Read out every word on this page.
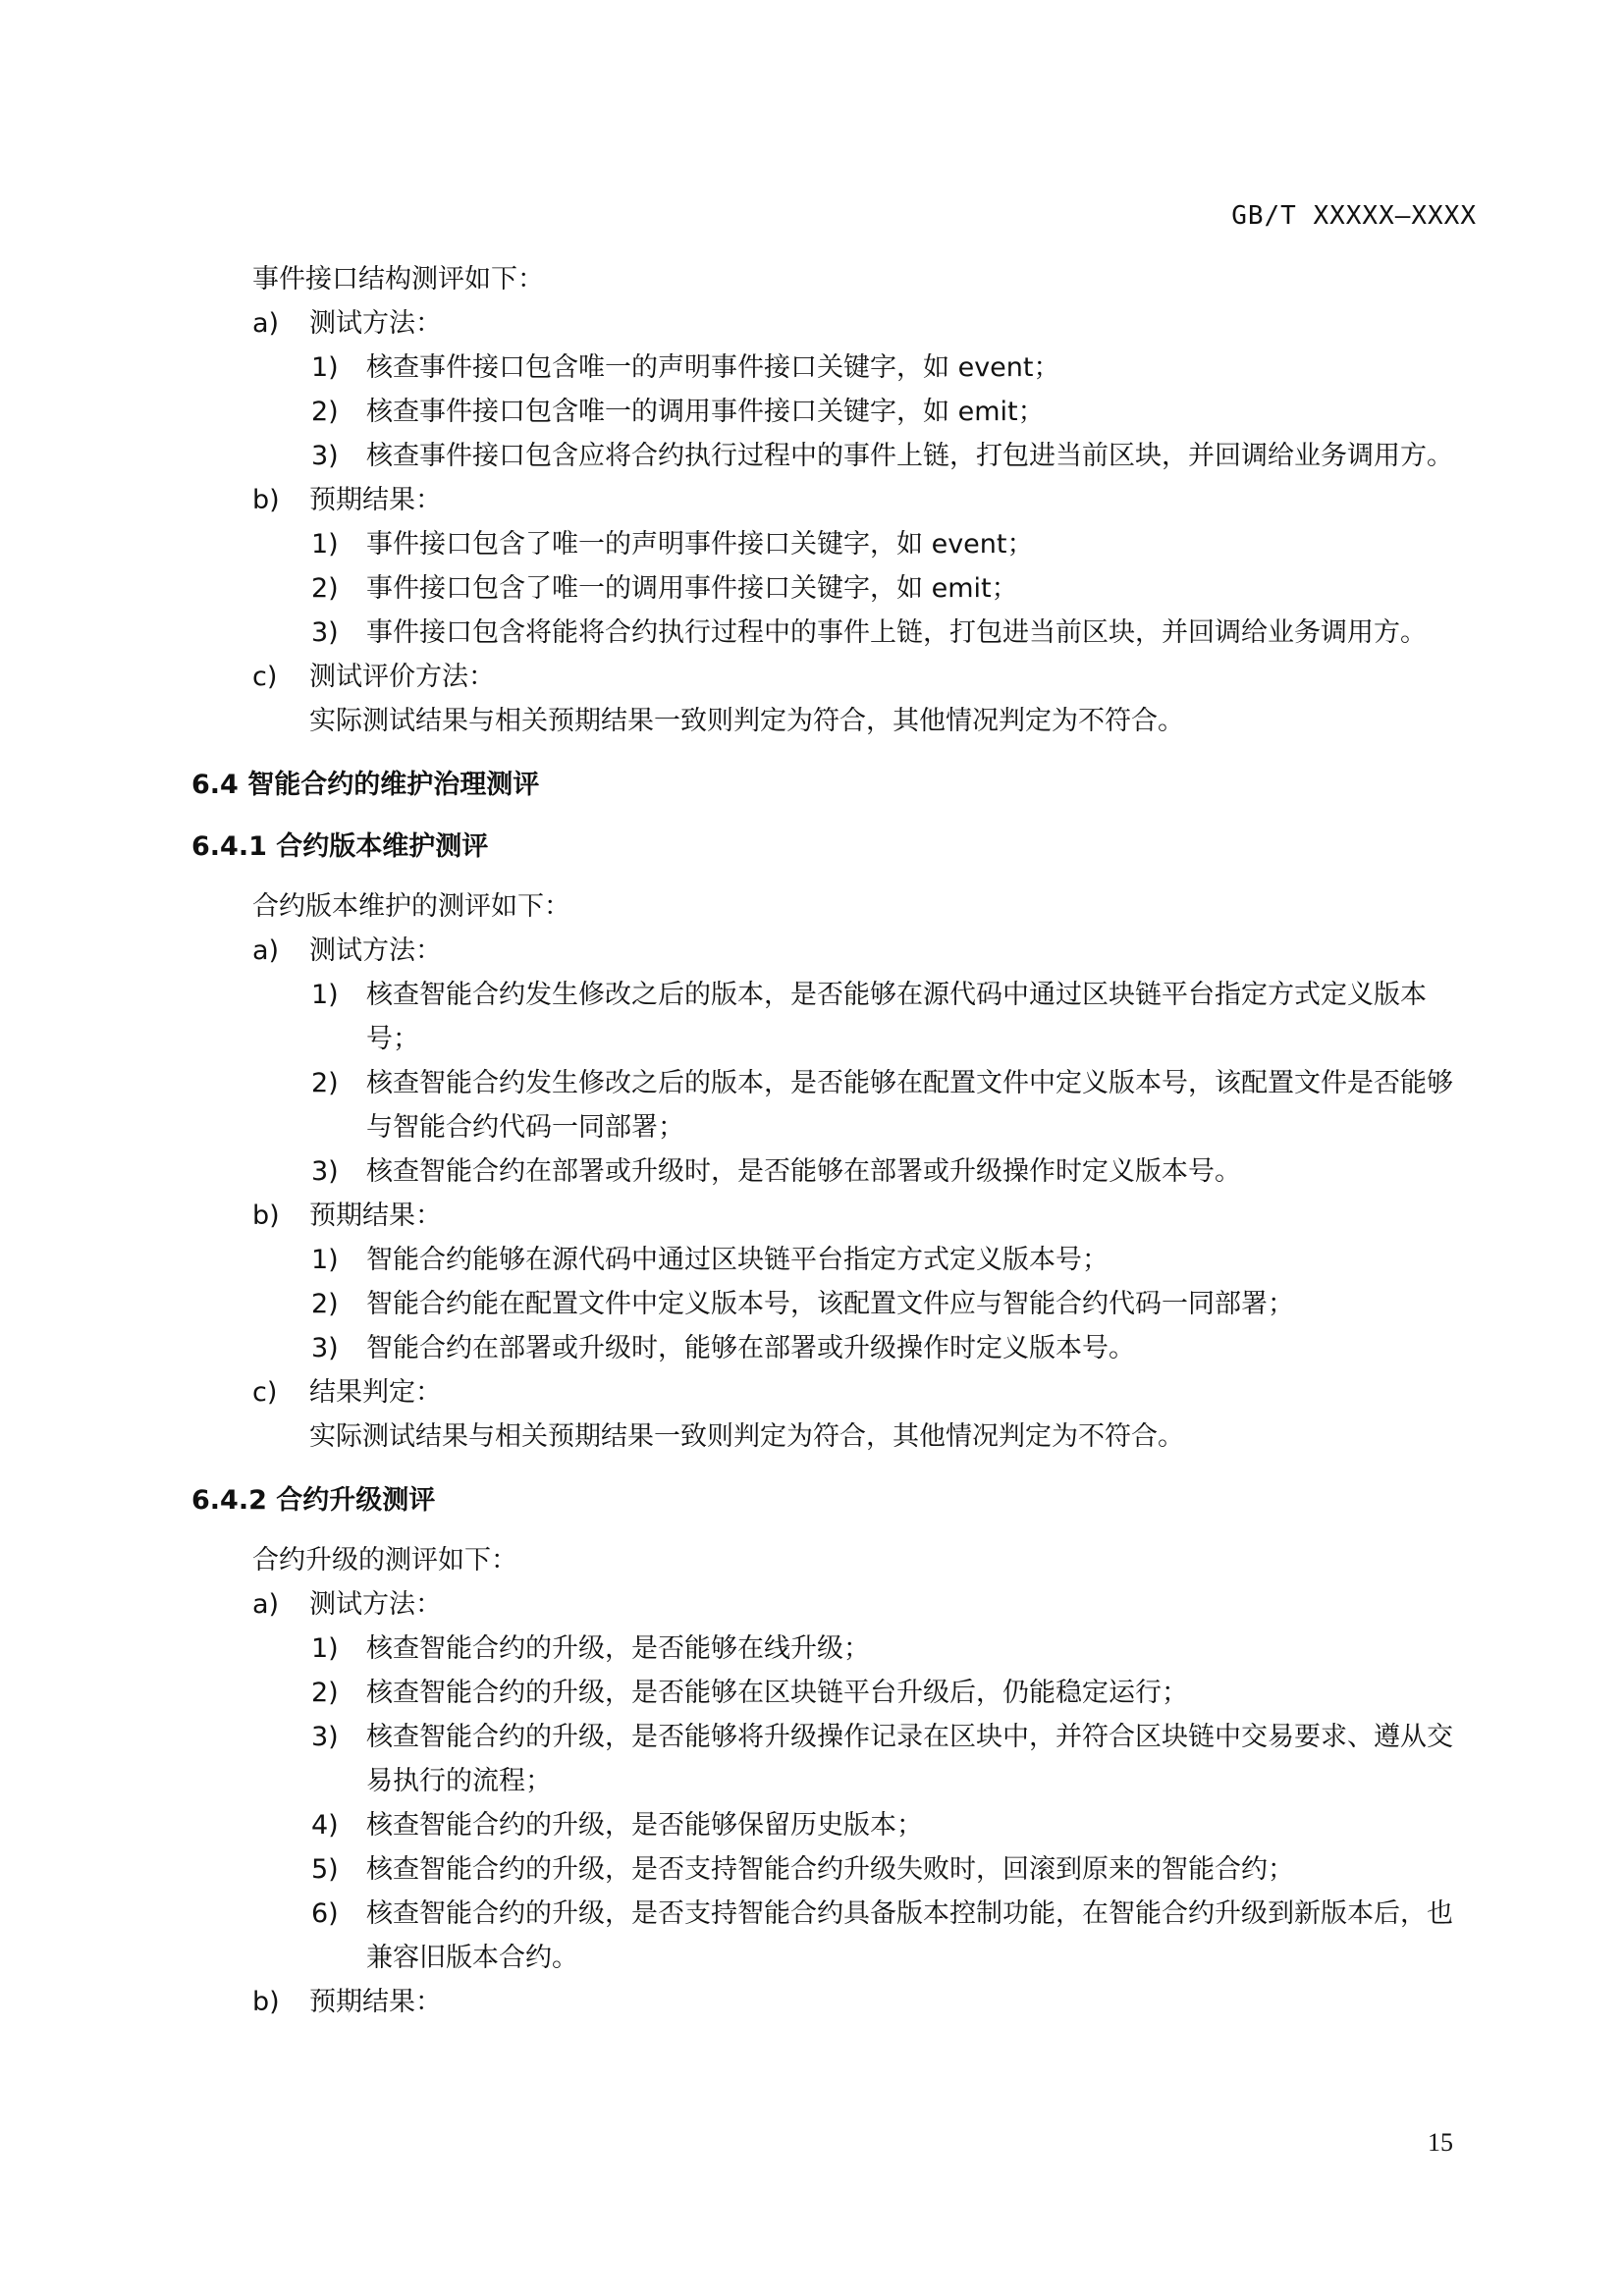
GB/T XXXXX—XXXX
事件接口结构测评如下：
a)	测试方法：
1)	核查事件接口包含唯一的声明事件接口关键字，如 event；
2)	核查事件接口包含唯一的调用事件接口关键字，如 emit；
3)	核查事件接口包含应将合约执行过程中的事件上链，打包进当前区块，并回调给业务调用方。
b)	预期结果：
1)	事件接口包含了唯一的声明事件接口关键字，如 event；
2)	事件接口包含了唯一的调用事件接口关键字，如 emit；
3)	事件接口包含将能将合约执行过程中的事件上链，打包进当前区块，并回调给业务调用方。
c)	测试评价方法：
实际测试结果与相关预期结果一致则判定为符合，其他情况判定为不符合。
6.4 智能合约的维护治理测评
6.4.1 合约版本维护测评
合约版本维护的测评如下：
a)	测试方法：
1)	核查智能合约发生修改之后的版本，是否能够在源代码中通过区块链平台指定方式定义版本号；
2)	核查智能合约发生修改之后的版本，是否能够在配置文件中定义版本号，该配置文件是否能够与智能合约代码一同部署；
3)	核查智能合约在部署或升级时，是否能够在部署或升级操作时定义版本号。
b)	预期结果：
1)	智能合约能够在源代码中通过区块链平台指定方式定义版本号；
2)	智能合约能在配置文件中定义版本号，该配置文件应与智能合约代码一同部署；
3)	智能合约在部署或升级时，能够在部署或升级操作时定义版本号。
c)	结果判定：
实际测试结果与相关预期结果一致则判定为符合，其他情况判定为不符合。
6.4.2 合约升级测评
合约升级的测评如下：
a)	测试方法：
1)	核查智能合约的升级，是否能够在线升级；
2)	核查智能合约的升级，是否能够在区块链平台升级后，仍能稳定运行；
3)	核查智能合约的升级，是否能够将升级操作记录在区块中，并符合区块链中交易要求、遵从交易执行的流程；
4)	核查智能合约的升级，是否能够保留历史版本；
5)	核查智能合约的升级，是否支持智能合约升级失败时，回滚到原来的智能合约；
6)	核查智能合约的升级，是否支持智能合约具备版本控制功能，在智能合约升级到新版本后，也兼容旧版本合约。
b)	预期结果：
15
